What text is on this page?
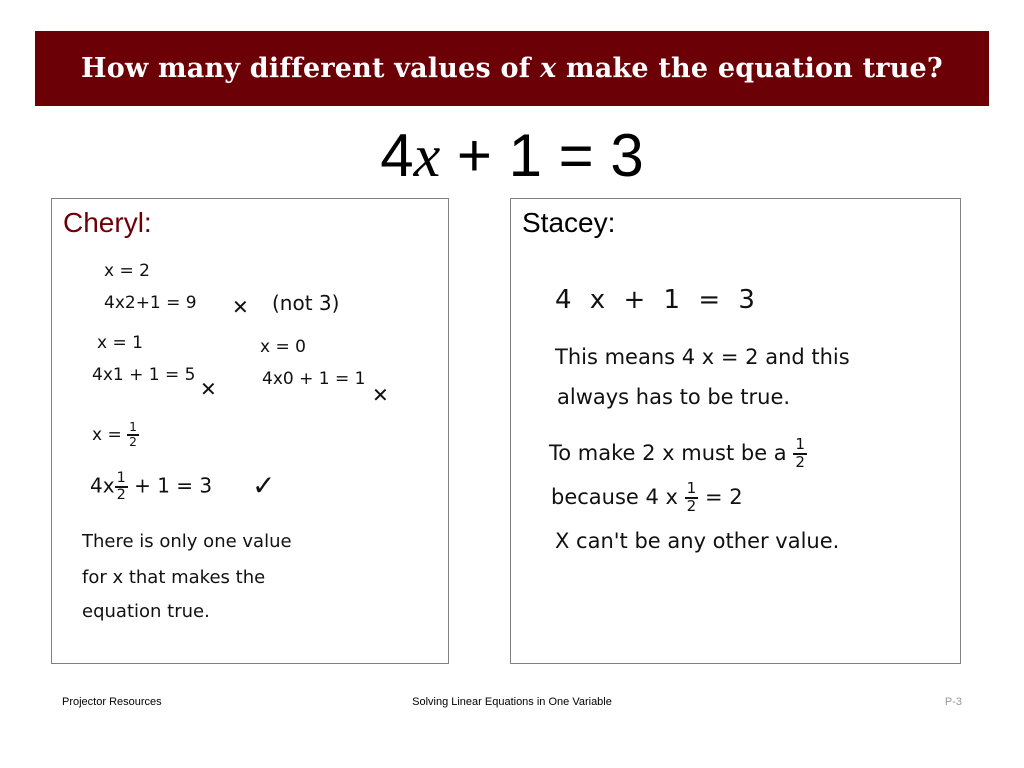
How many different values of x make the equation true?
4x + 1 = 3
Cheryl:
x = 2
4x2+1 = 9 ✕ (not 3)
x = 1	x = 0
4x1 + 1 = 5
✕	4x0 + 1 = 1
✕
$x = \frac{1}{2}$
$4x \frac{1}{2} + 1 = 3$ ✓
There is only one value
for x that makes the
equation true.
Stacey:
4 x + 1 = 3
This means 4 x = 2 and this
always has to be true.
To make 2 x must be a $\frac{1}{2}$
because 4 x $\frac{1}{2} = 2$
X can't be any other value.
Projector Resources	Solving Linear Equations in One Variable	P-3
